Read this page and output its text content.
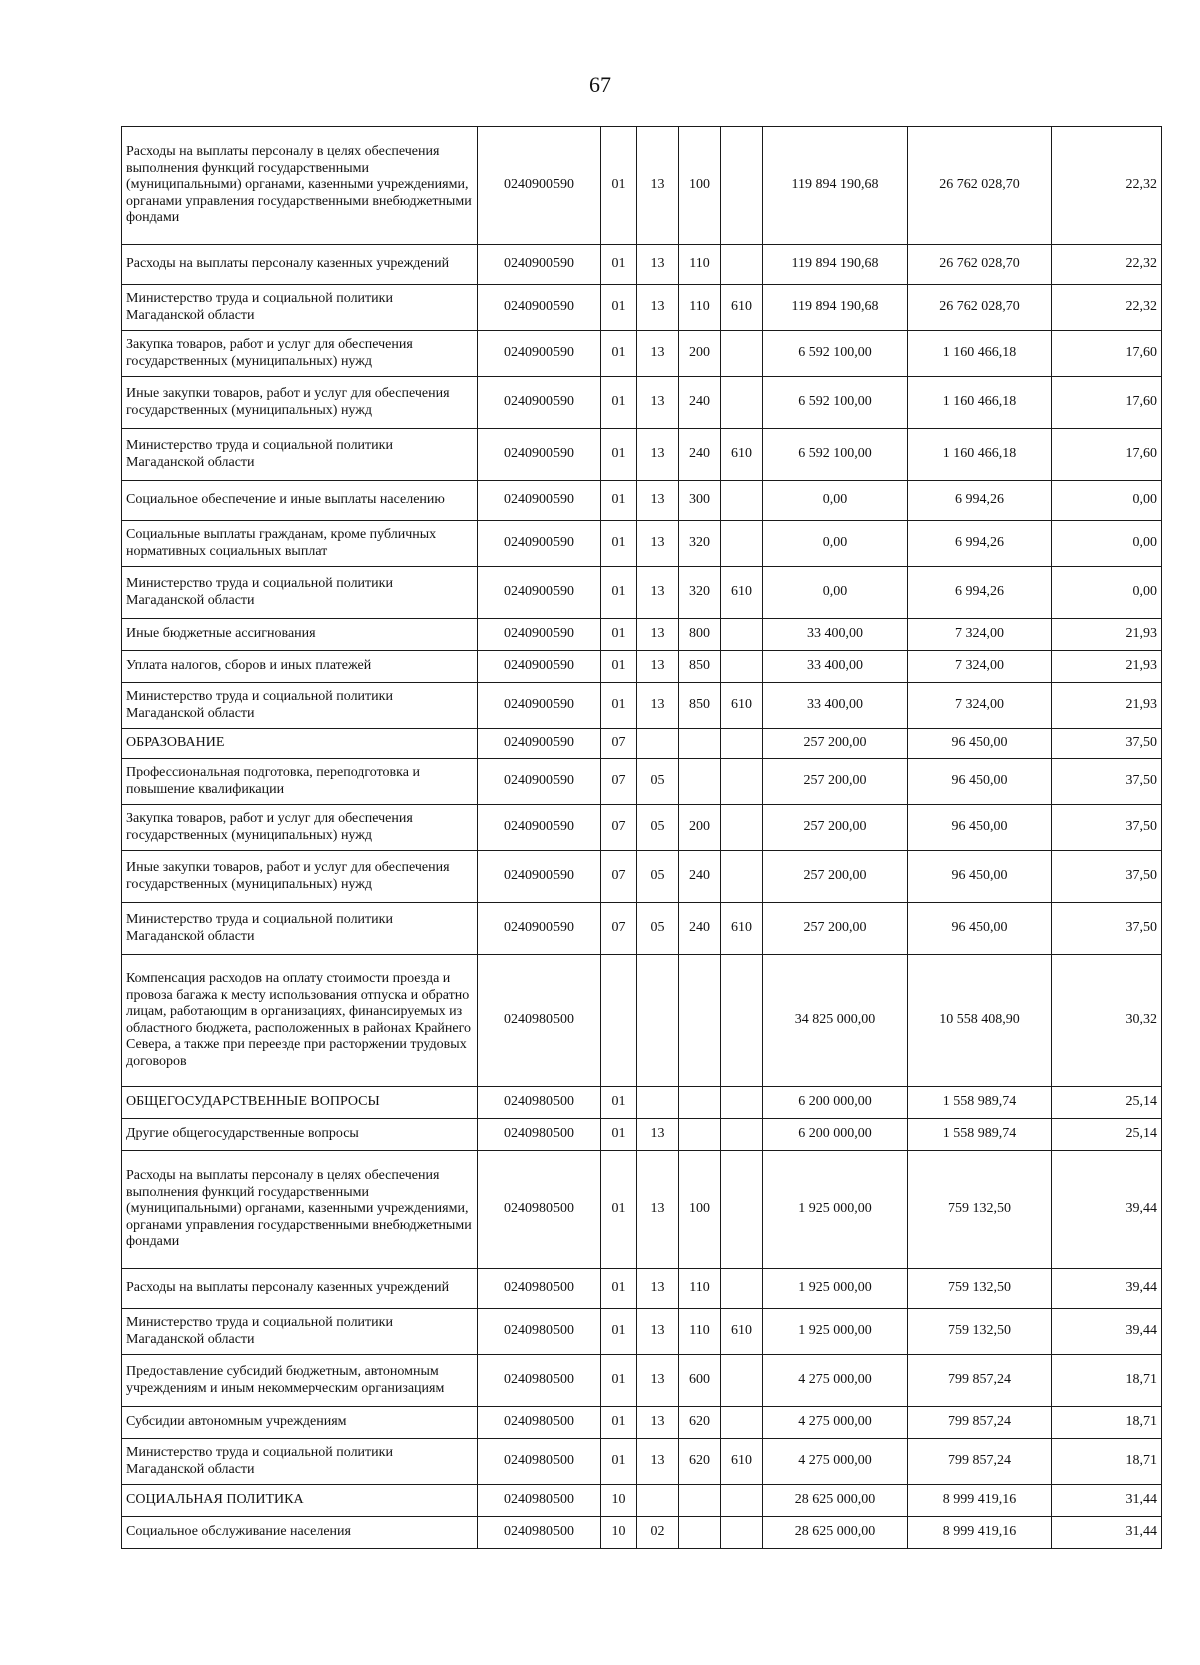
67
Расходы на выплаты персоналу в целях обеспечения выполнения функций государственными (муниципальными) органами, казенными учреждениями, органами управления государственными внебюджетными фондами	0240900590	01	13	100		119 894 190,68	26 762 028,70	22,32
Расходы на выплаты персоналу казенных учреждений	0240900590	01	13	110		119 894 190,68	26 762 028,70	22,32
Министерство труда и социальной политики Магаданской области	0240900590	01	13	110	610	119 894 190,68	26 762 028,70	22,32
Закупка товаров, работ и услуг для обеспечения государственных (муниципальных) нужд	0240900590	01	13	200		6 592 100,00	1 160 466,18	17,60
Иные закупки товаров, работ и услуг для обеспечения государственных (муниципальных) нужд	0240900590	01	13	240		6 592 100,00	1 160 466,18	17,60
Министерство труда и социальной политики Магаданской области	0240900590	01	13	240	610	6 592 100,00	1 160 466,18	17,60
Социальное обеспечение и иные выплаты населению	0240900590	01	13	300		0,00	6 994,26	0,00
Социальные выплаты гражданам, кроме публичных нормативных социальных выплат	0240900590	01	13	320		0,00	6 994,26	0,00
Министерство труда и социальной политики Магаданской области	0240900590	01	13	320	610	0,00	6 994,26	0,00
Иные бюджетные ассигнования	0240900590	01	13	800		33 400,00	7 324,00	21,93
Уплата налогов, сборов и иных платежей	0240900590	01	13	850		33 400,00	7 324,00	21,93
Министерство труда и социальной политики Магаданской области	0240900590	01	13	850	610	33 400,00	7 324,00	21,93
ОБРАЗОВАНИЕ	0240900590	07				257 200,00	96 450,00	37,50
Профессиональная подготовка, переподготовка и повышение квалификации	0240900590	07	05			257 200,00	96 450,00	37,50
Закупка товаров, работ и услуг для обеспечения государственных (муниципальных) нужд	0240900590	07	05	200		257 200,00	96 450,00	37,50
Иные закупки товаров, работ и услуг для обеспечения государственных (муниципальных) нужд	0240900590	07	05	240		257 200,00	96 450,00	37,50
Министерство труда и социальной политики Магаданской области	0240900590	07	05	240	610	257 200,00	96 450,00	37,50
Компенсация расходов на оплату стоимости проезда и провоза багажа к месту использования отпуска и обратно лицам, работающим в организациях, финансируемых из областного бюджета, расположенных в районах Крайнего Севера, а также при переезде при расторжении трудовых договоров	0240980500					34 825 000,00	10 558 408,90	30,32
ОБЩЕГОСУДАРСТВЕННЫЕ ВОПРОСЫ	0240980500	01				6 200 000,00	1 558 989,74	25,14
Другие общегосударственные вопросы	0240980500	01	13			6 200 000,00	1 558 989,74	25,14
Расходы на выплаты персоналу в целях обеспечения выполнения функций государственными (муниципальными) органами, казенными учреждениями, органами управления государственными внебюджетными фондами	0240980500	01	13	100		1 925 000,00	759 132,50	39,44
Расходы на выплаты персоналу казенных учреждений	0240980500	01	13	110		1 925 000,00	759 132,50	39,44
Министерство труда и социальной политики Магаданской области	0240980500	01	13	110	610	1 925 000,00	759 132,50	39,44
Предоставление субсидий бюджетным, автономным учреждениям и иным некоммерческим организациям	0240980500	01	13	600		4 275 000,00	799 857,24	18,71
Субсидии автономным учреждениям	0240980500	01	13	620		4 275 000,00	799 857,24	18,71
Министерство труда и социальной политики Магаданской области	0240980500	01	13	620	610	4 275 000,00	799 857,24	18,71
СОЦИАЛЬНАЯ ПОЛИТИКА	0240980500	10				28 625 000,00	8 999 419,16	31,44
Социальное обслуживание населения	0240980500	10	02			28 625 000,00	8 999 419,16	31,44
